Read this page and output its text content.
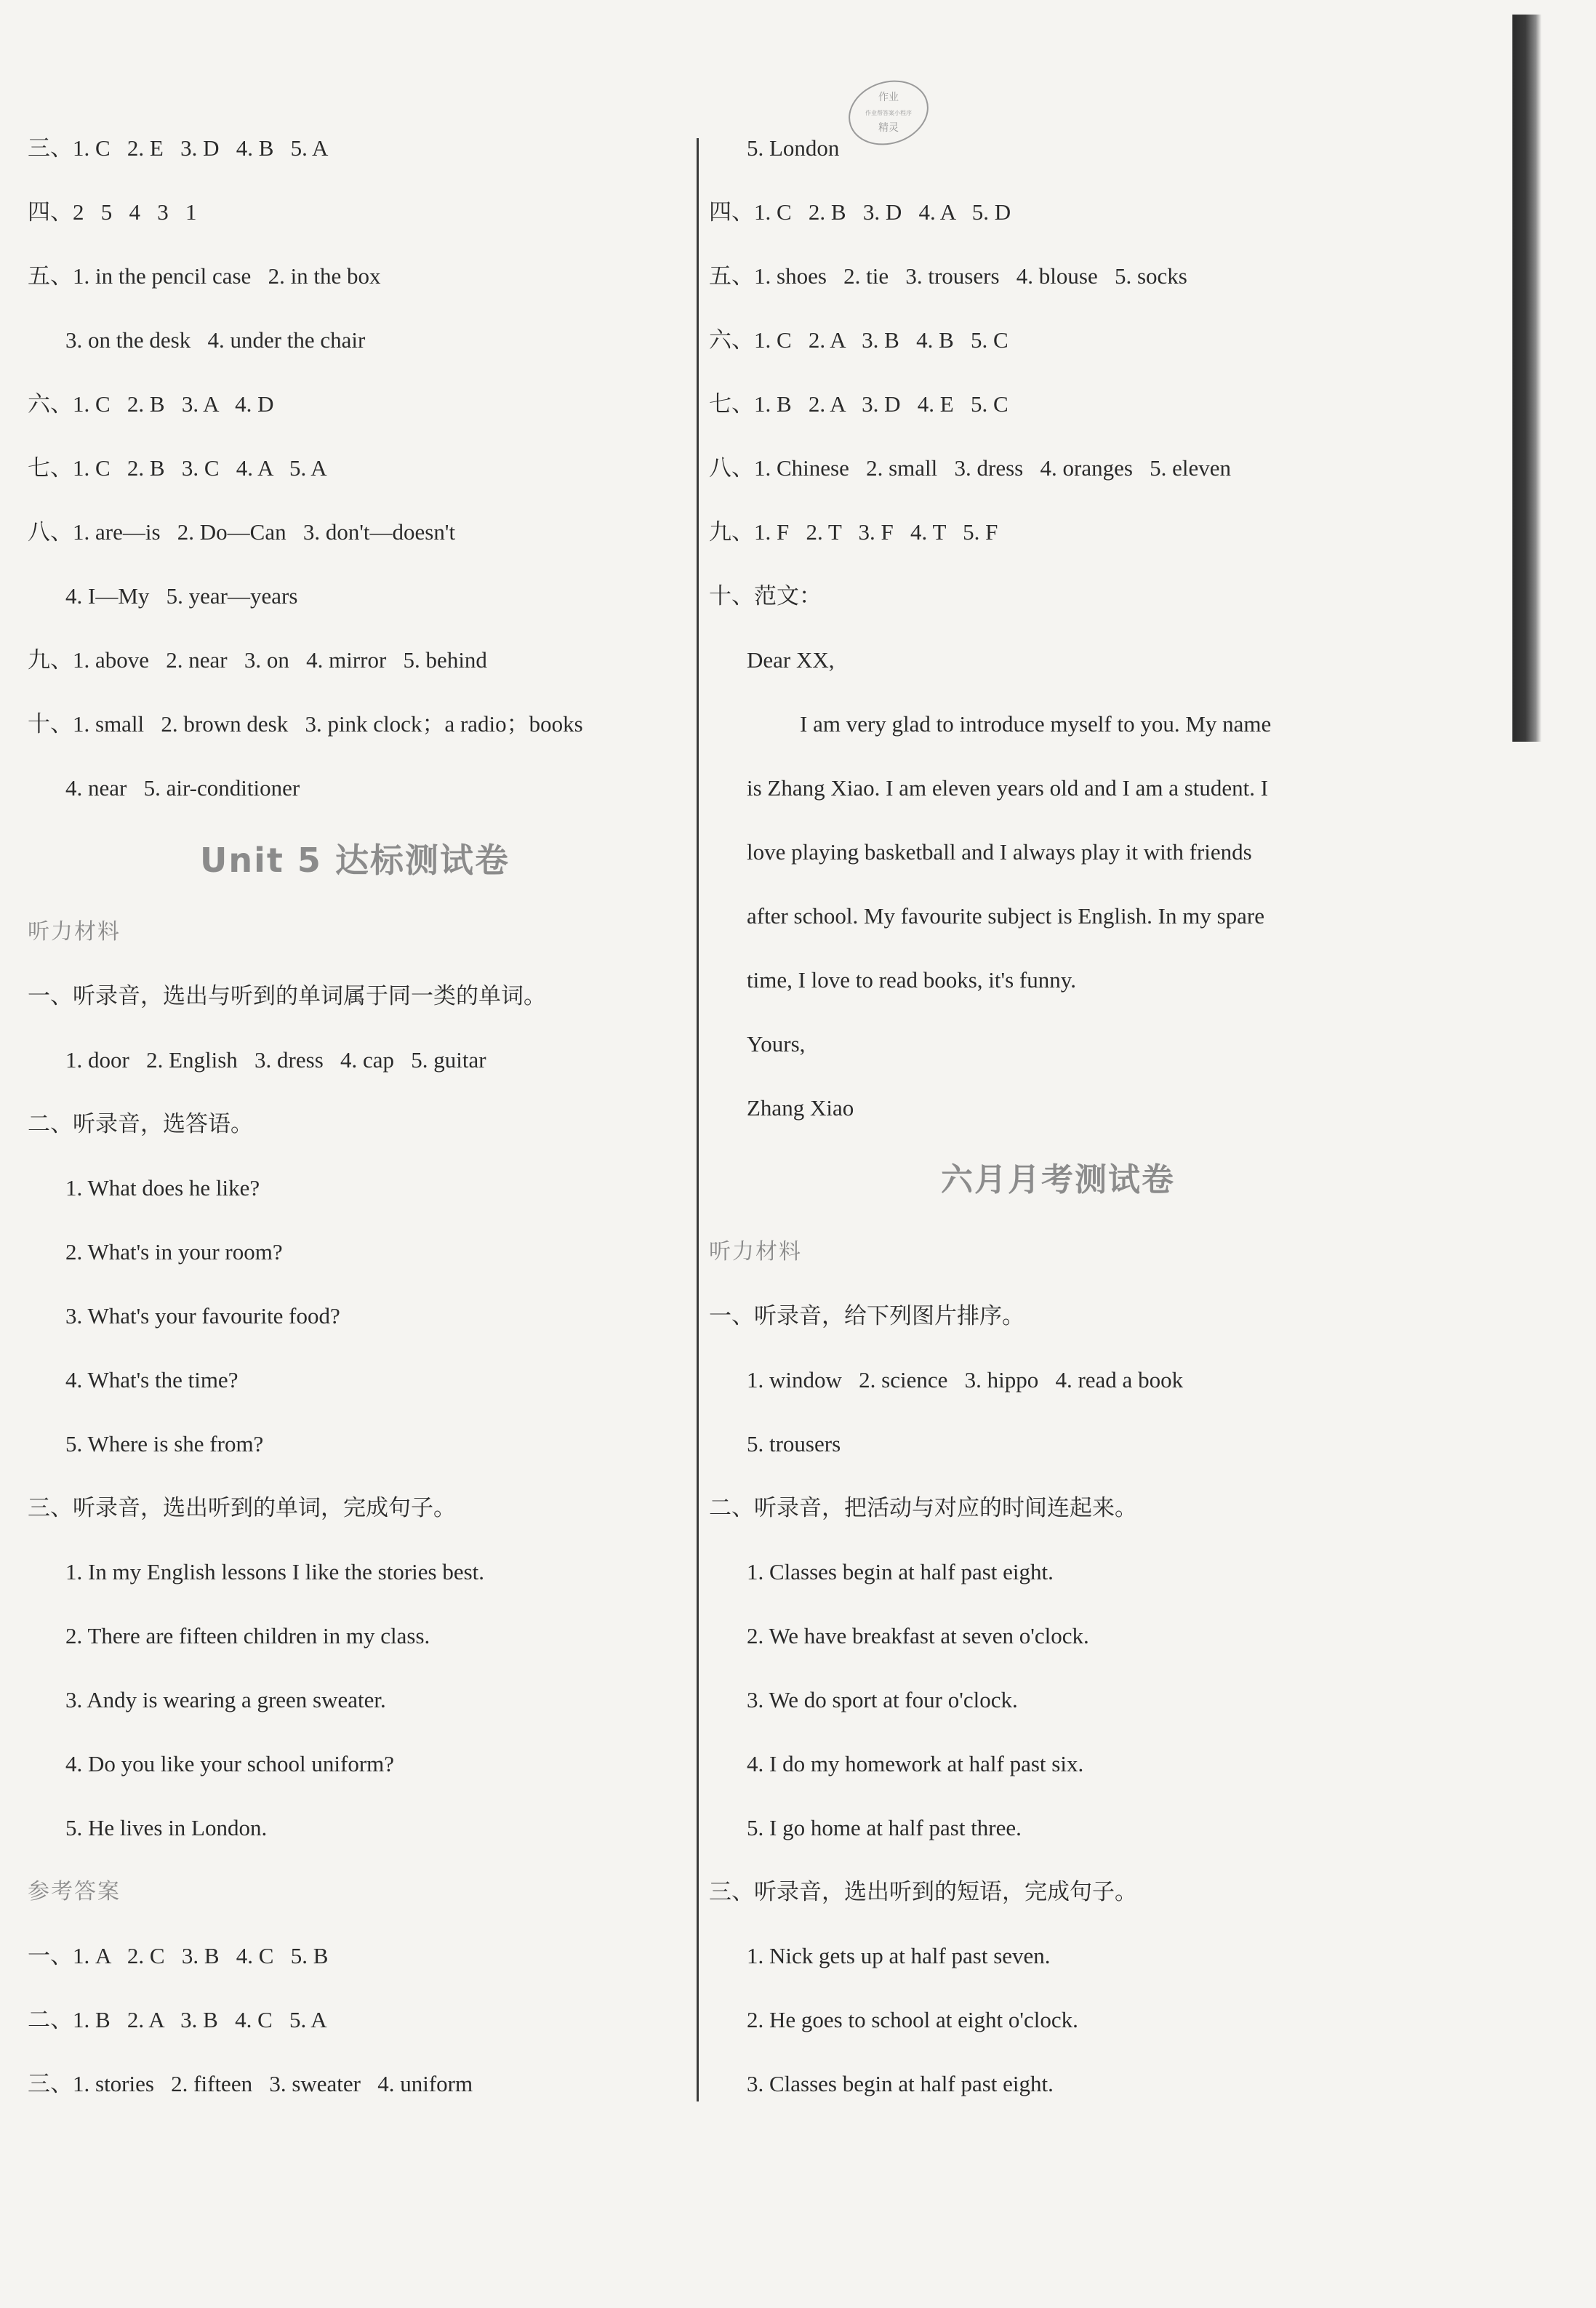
作业
作业帮答案小程序
精灵
三、1. C   2. E   3. D   4. B   5. A
四、2   5   4   3   1
五、1. in the pencil case   2. in the box
3. on the desk   4. under the chair
六、1. C   2. B   3. A   4. D
七、1. C   2. B   3. C   4. A   5. A
八、1. are—is   2. Do—Can   3. don't—doesn't
4. I—My   5. year—years
九、1. above   2. near   3. on   4. mirror   5. behind
十、1. small   2. brown desk   3. pink clock；a radio；books
4. near   5. air-conditioner
Unit 5 达标测试卷
听力材料
一、听录音，选出与听到的单词属于同一类的单词。
1. door   2. English   3. dress   4. cap   5. guitar
二、听录音，选答语。
1. What does he like?
2. What's in your room?
3. What's your favourite food?
4. What's the time?
5. Where is she from?
三、听录音，选出听到的单词，完成句子。
1. In my English lessons I like the stories best.
2. There are fifteen children in my class.
3. Andy is wearing a green sweater.
4. Do you like your school uniform?
5. He lives in London.
参考答案
一、1. A   2. C   3. B   4. C   5. B
二、1. B   2. A   3. B   4. C   5. A
三、1. stories   2. fifteen   3. sweater   4. uniform
5. London
四、1. C   2. B   3. D   4. A   5. D
五、1. shoes   2. tie   3. trousers   4. blouse   5. socks
六、1. C   2. A   3. B   4. B   5. C
七、1. B   2. A   3. D   4. E   5. C
八、1. Chinese   2. small   3. dress   4. oranges   5. eleven
九、1. F   2. T   3. F   4. T   5. F
十、范文：
Dear XX,
I am very glad to introduce myself to you. My name
is Zhang Xiao. I am eleven years old and I am a student. I
love playing basketball and I always play it with friends
after school. My favourite subject is English. In my spare
time, I love to read books, it's funny.
Yours,
Zhang Xiao
六月月考测试卷
听力材料
一、听录音，给下列图片排序。
1. window   2. science   3. hippo   4. read a book
5. trousers
二、听录音，把活动与对应的时间连起来。
1. Classes begin at half past eight.
2. We have breakfast at seven o'clock.
3. We do sport at four o'clock.
4. I do my homework at half past six.
5. I go home at half past three.
三、听录音，选出听到的短语，完成句子。
1. Nick gets up at half past seven.
2. He goes to school at eight o'clock.
3. Classes begin at half past eight.
